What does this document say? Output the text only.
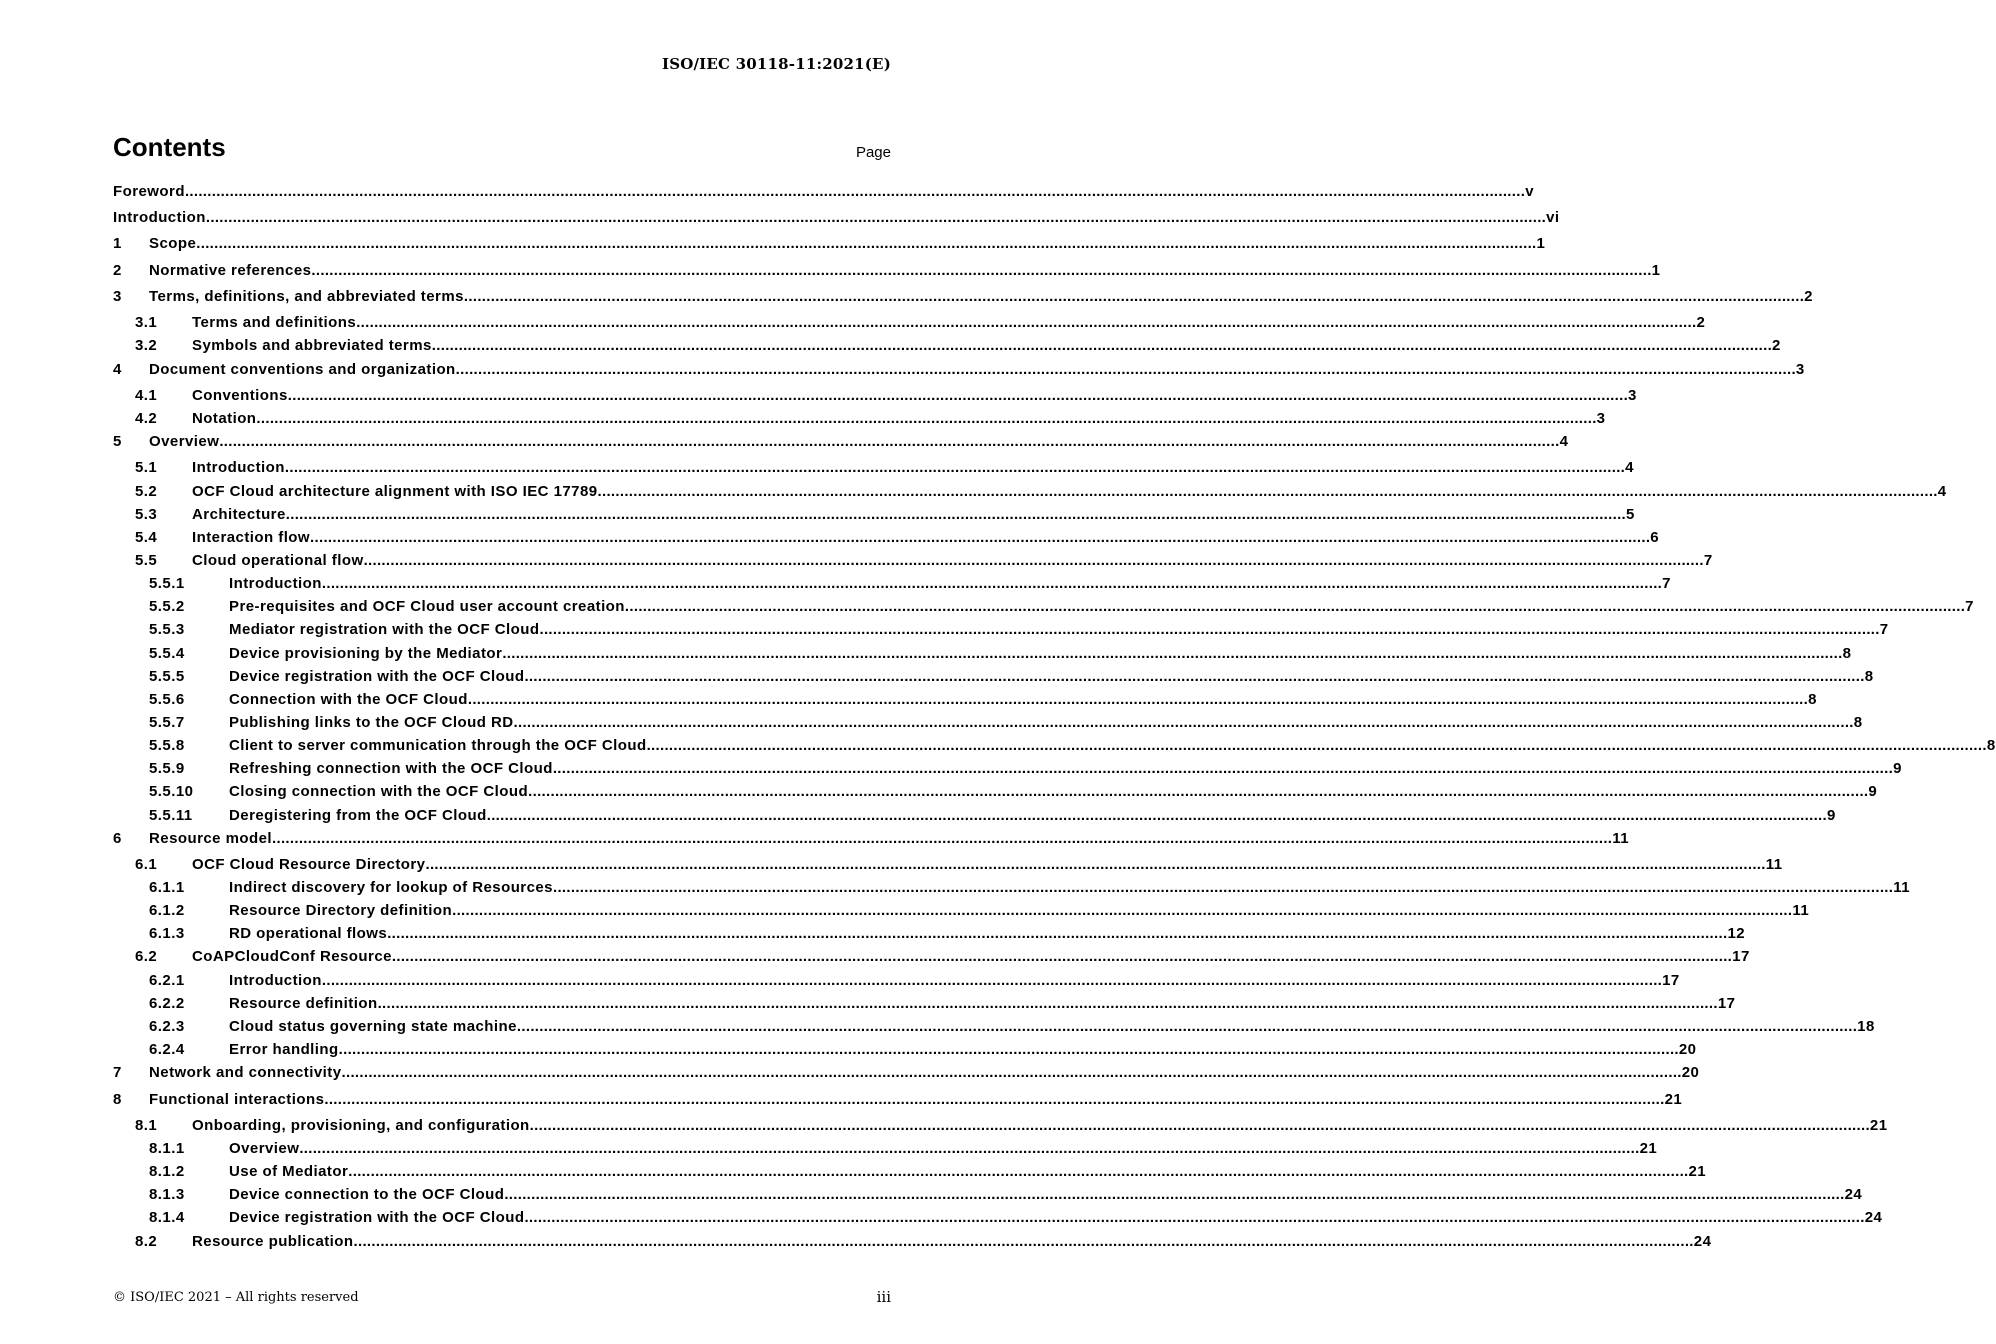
ISO/IEC 30118-11:2021(E)
Contents	Page
Foreword ............................................................................................................................................................................................................................................................................................................ v
Introduction ............................................................................................................................................................................................................................................................................................................ vi
1	Scope ............................................................................................................................................................................................................................................................................................................ 1
2	Normative references ............................................................................................................................................................................................................................................................................................................ 1
3	Terms, definitions, and abbreviated terms ............................................................................................................................................................................................................................................................................................................ 2
3.1	Terms and definitions ............................................................................................................................................................................................................................................................................................................ 2
3.2	Symbols and abbreviated terms ............................................................................................................................................................................................................................................................................................................ 2
4	Document conventions and organization ............................................................................................................................................................................................................................................................................................................ 3
4.1	Conventions ............................................................................................................................................................................................................................................................................................................ 3
4.2	Notation ............................................................................................................................................................................................................................................................................................................ 3
5	Overview ............................................................................................................................................................................................................................................................................................................ 4
5.1	Introduction ............................................................................................................................................................................................................................................................................................................ 4
5.2	OCF Cloud architecture alignment with ISO IEC 17789 ............................................................................................................................................................................................................................................................................................................ 4
5.3	Architecture ............................................................................................................................................................................................................................................................................................................ 5
5.4	Interaction flow ............................................................................................................................................................................................................................................................................................................ 6
5.5	Cloud operational flow ............................................................................................................................................................................................................................................................................................................ 7
5.5.1	Introduction ............................................................................................................................................................................................................................................................................................................ 7
5.5.2	Pre-requisites and OCF Cloud user account creation ............................................................................................................................................................................................................................................................................................................ 7
5.5.3	Mediator registration with the OCF Cloud ............................................................................................................................................................................................................................................................................................................ 7
5.5.4	Device provisioning by the Mediator ............................................................................................................................................................................................................................................................................................................ 8
5.5.5	Device registration with the OCF Cloud ............................................................................................................................................................................................................................................................................................................ 8
5.5.6	Connection with the OCF Cloud ............................................................................................................................................................................................................................................................................................................ 8
5.5.7	Publishing links to the OCF Cloud RD ............................................................................................................................................................................................................................................................................................................ 8
5.5.8	Client to server communication through the OCF Cloud ............................................................................................................................................................................................................................................................................................................ 8
5.5.9	Refreshing connection with the OCF Cloud ............................................................................................................................................................................................................................................................................................................ 9
5.5.10	Closing connection with the OCF Cloud ............................................................................................................................................................................................................................................................................................................ 9
5.5.11	Deregistering from the OCF Cloud ............................................................................................................................................................................................................................................................................................................ 9
6	Resource model ............................................................................................................................................................................................................................................................................................................ 11
6.1	OCF Cloud Resource Directory ............................................................................................................................................................................................................................................................................................................ 11
6.1.1	Indirect discovery for lookup of Resources ............................................................................................................................................................................................................................................................................................................ 11
6.1.2	Resource Directory definition ............................................................................................................................................................................................................................................................................................................ 11
6.1.3	RD operational flows ............................................................................................................................................................................................................................................................................................................ 12
6.2	CoAPCloudConf Resource ............................................................................................................................................................................................................................................................................................................ 17
6.2.1	Introduction ............................................................................................................................................................................................................................................................................................................ 17
6.2.2	Resource definition ............................................................................................................................................................................................................................................................................................................ 17
6.2.3	Cloud status governing state machine ............................................................................................................................................................................................................................................................................................................ 18
6.2.4	Error handling ............................................................................................................................................................................................................................................................................................................ 20
7	Network and connectivity ............................................................................................................................................................................................................................................................................................................ 20
8	Functional interactions ............................................................................................................................................................................................................................................................................................................ 21
8.1	Onboarding, provisioning, and configuration ............................................................................................................................................................................................................................................................................................................ 21
8.1.1	Overview ............................................................................................................................................................................................................................................................................................................ 21
8.1.2	Use of Mediator ............................................................................................................................................................................................................................................................................................................ 21
8.1.3	Device connection to the OCF Cloud ............................................................................................................................................................................................................................................................................................................ 24
8.1.4	Device registration with the OCF Cloud ............................................................................................................................................................................................................................................................................................................ 24
8.2	Resource publication ............................................................................................................................................................................................................................................................................................................ 24
© ISO/IEC 2021 – All rights reserved	iii
